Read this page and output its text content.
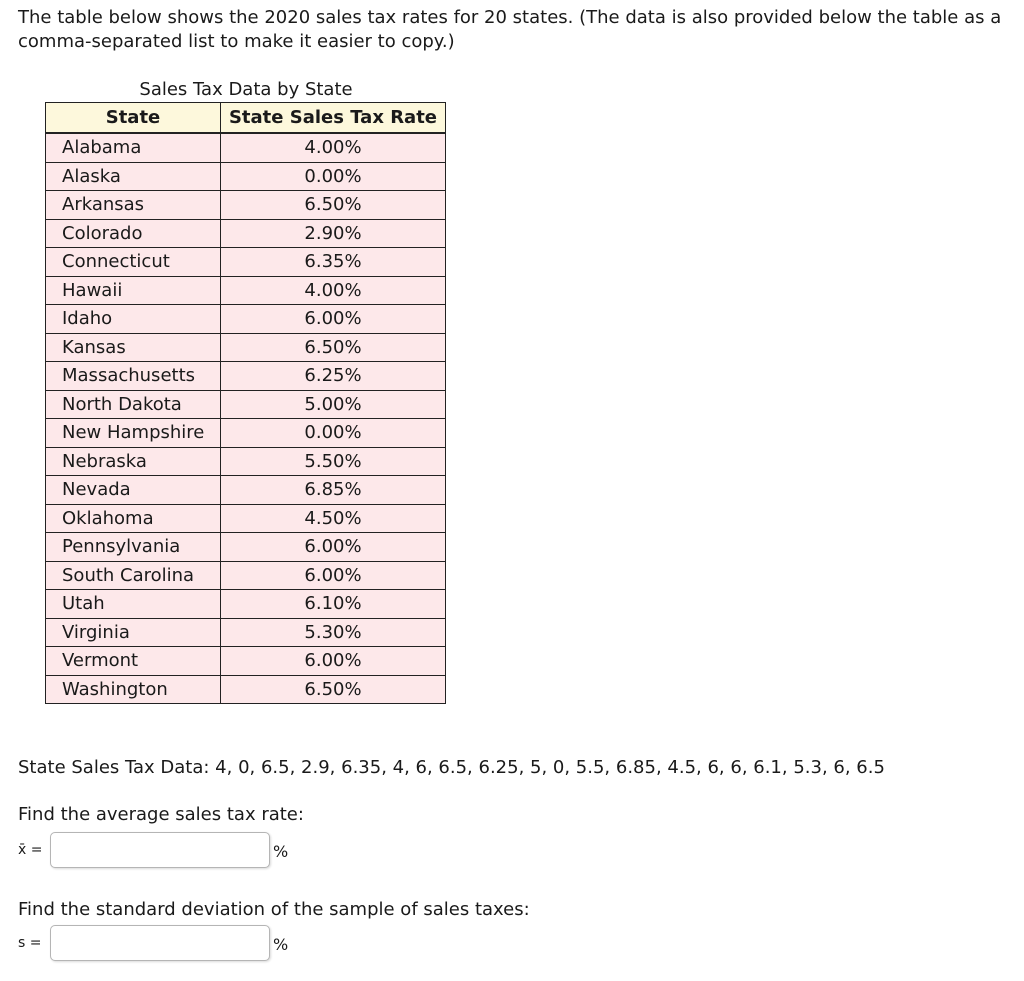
The table below shows the 2020 sales tax rates for 20 states. (The data is also provided below the table as a comma-separated list to make it easier to copy.)

Sales Tax Data by State
State	State Sales Tax Rate
Alabama	4.00%
Alaska	0.00%
Arkansas	6.50%
Colorado	2.90%
Connecticut	6.35%
Hawaii	4.00%
Idaho	6.00%
Kansas	6.50%
Massachusetts	6.25%
North Dakota	5.00%
New Hampshire	0.00%
Nebraska	5.50%
Nevada	6.85%
Oklahoma	4.50%
Pennsylvania	6.00%
South Carolina	6.00%
Utah	6.10%
Virginia	5.30%
Vermont	6.00%
Washington	6.50%
State Sales Tax Data: 4, 0, 6.5, 2.9, 6.35, 4, 6, 6.5, 6.25, 5, 0, 5.5, 6.85, 4.5, 6, 6, 6.1, 5.3, 6, 6.5
Find the average sales tax rate:
x̄ =	%
Find the standard deviation of the sample of sales taxes:
s =	%
